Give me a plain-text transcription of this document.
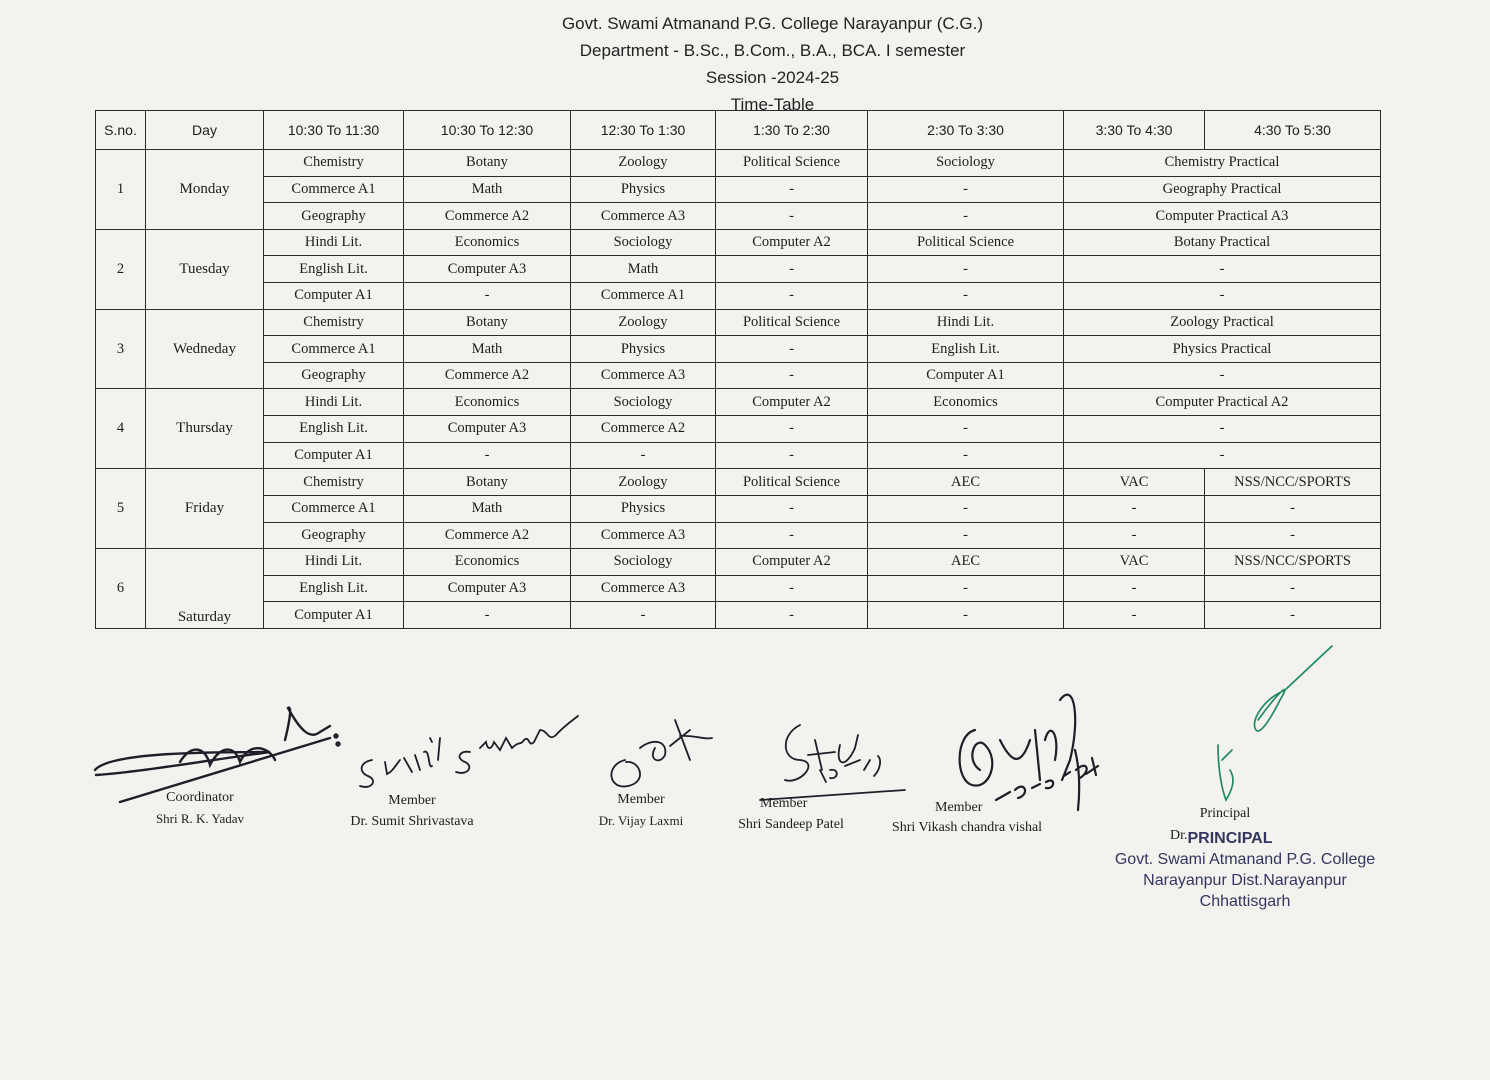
Govt. Swami Atmanand P.G. College Narayanpur (C.G.)
Department - B.Sc., B.Com., B.A., BCA. I semester
Session -2024-25
Time-Table
S.no.	Day	10:30 To 11:30	10:30 To 12:30	12:30 To 1:30	1:30 To 2:30	2:30 To 3:30	3:30 To 4:30	4:30 To 5:30
1	Monday	Chemistry	Botany	Zoology	Political Science	Sociology	Chemistry Practical	
		Commerce A1	Math	Physics	-	-	Geography Practical	
		Geography	Commerce A2	Commerce A3	-	-	Computer Practical A3	
2	Tuesday	Hindi Lit.	Economics	Sociology	Computer A2	Political Science	Botany Practical	
		English Lit.	Computer A3	Math	-	-	-	
		Computer A1	-	Commerce A1	-	-	-	
3	Wedneday	Chemistry	Botany	Zoology	Political Science	Hindi Lit.	Zoology Practical	
		Commerce A1	Math	Physics	-	English Lit.	Physics Practical	
		Geography	Commerce A2	Commerce A3	-	Computer A1	-	
4	Thursday	Hindi Lit.	Economics	Sociology	Computer A2	Economics	Computer Practical A2	
		English Lit.	Computer A3	Commerce A2	-	-	-	
		Computer A1	-	-	-	-	-	
5	Friday	Chemistry	Botany	Zoology	Political Science	AEC	VAC	NSS/NCC/SPORTS
		Commerce A1	Math	Physics	-	-	-	-
		Geography	Commerce A2	Commerce A3	-	-	-	-
6	Saturday	Hindi Lit.	Economics	Sociology	Computer A2	AEC	VAC	NSS/NCC/SPORTS
		English Lit.	Computer A3	Commerce A3	-	-	-	-
		Computer A1	-	-	-	-	-	-
Coordinator
Shri R. K. Yadav
Member
Dr. Sumit Shrivastava
Member
Dr. Vijay Laxmi
Member
Shri Sandeep Patel
Member
Shri Vikash chandra vishal
Principal
Dr. PRINCIPAL
Govt. Swami Atmanand P.G. College
Narayanpur Dist.Narayanpur
Chhattisgarh
